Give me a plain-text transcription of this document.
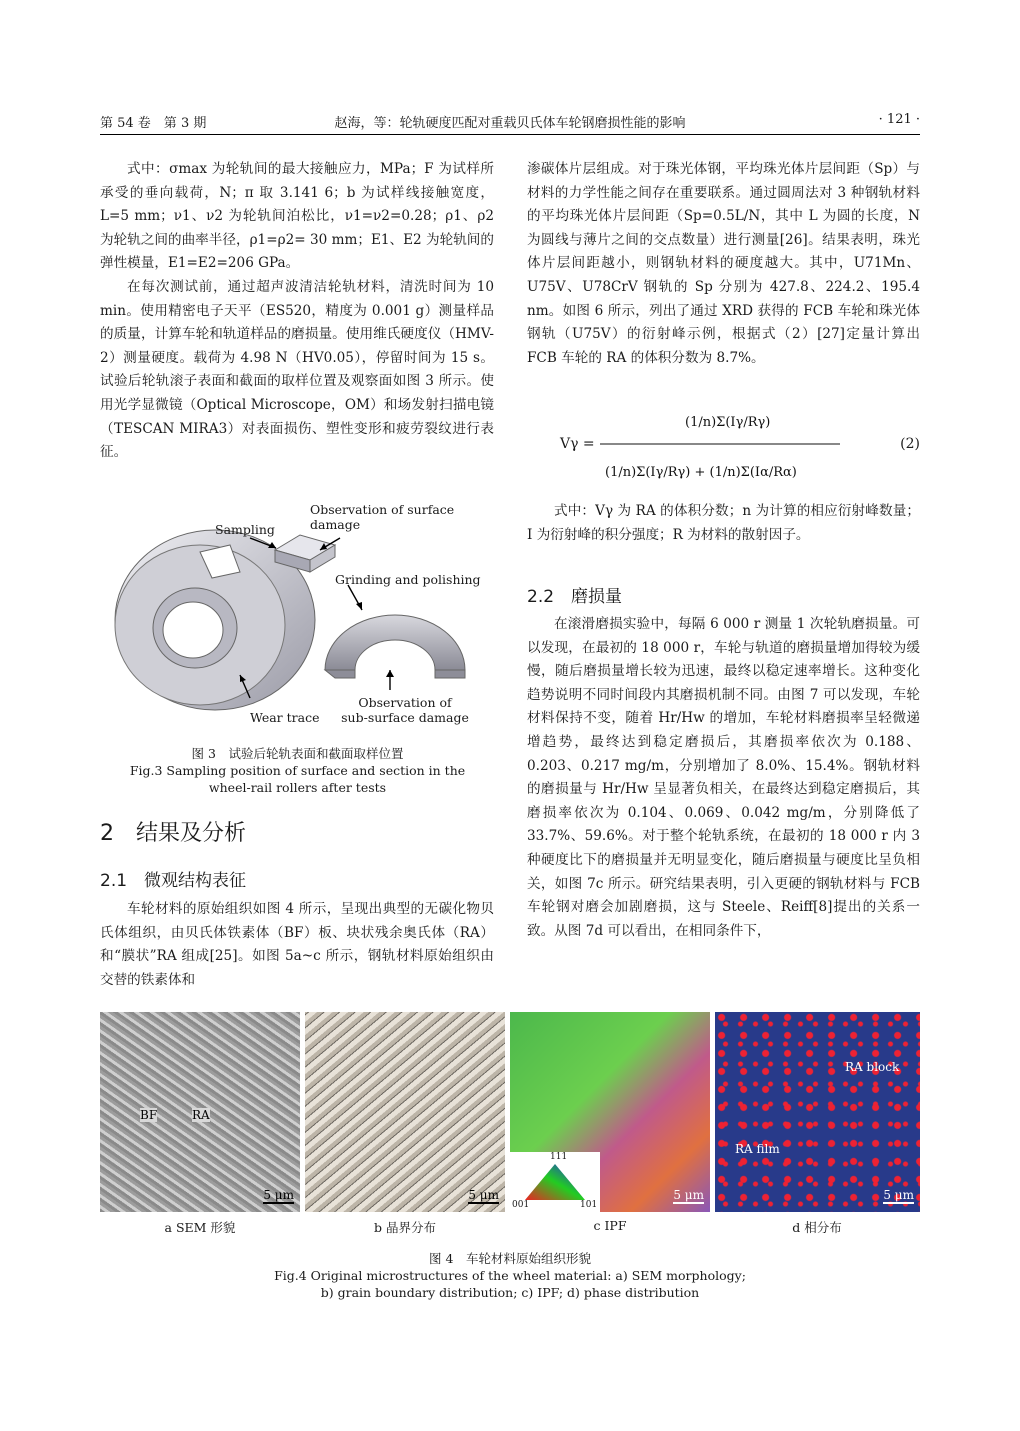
第 54 卷　第 3 期	赵海，等：轮轨硬度匹配对重载贝氏体车轮钢磨损性能的影响	· 121 ·

式中：σmax 为轮轨间的最大接触应力，MPa；F 为试样所承受的垂向载荷，N；π 取 3.141 6；b 为试样线接触宽度，L=5 mm；ν1、ν2 为轮轨间泊松比，ν1=ν2=0.28；ρ1、ρ2 为轮轨之间的曲率半径，ρ1=ρ2= 30 mm；E1、E2 为轮轨间的弹性模量，E1=E2=206 GPa。

在每次测试前，通过超声波清洁轮轨材料，清洗时间为 10 min。使用精密电子天平（ES520，精度为 0.001 g）测量样品的质量，计算车轮和轨道样品的磨损量。使用维氏硬度仪（HMV-2）测量硬度。载荷为 4.98 N（HV0.05），停留时间为 15 s。试验后轮轨滚子表面和截面的取样位置及观察面如图 3 所示。使用光学显微镜（Optical Microscope，OM）和场发射扫描电镜（TESCAN MIRA3）对表面损伤、塑性变形和疲劳裂纹进行表征。

Sampling
Observation of surface damage
Grinding and polishing
Wear trace
Observation of
sub-surface damage
图 3　试验后轮轨表面和截面取样位置
Fig.3 Sampling position of surface and section in the
wheel-rail rollers after tests
2　结果及分析
2.1　微观结构表征

车轮材料的原始组织如图 4 所示，呈现出典型的无碳化物贝氏体组织，由贝氏体铁素体（BF）板、块状残余奥氏体（RA）和“膜状”RA 组成[25]。如图 5a~c 所示，钢轨材料原始组织由交替的铁素体和

渗碳体片层组成。对于珠光体钢，平均珠光体片层间距（Sp）与材料的力学性能之间存在重要联系。通过圆周法对 3 种钢轨材料的平均珠光体片层间距（Sp=0.5L/N，其中 L 为圆的长度，N 为圆线与薄片之间的交点数量）进行测量[26]。结果表明，珠光体片层间距越小，则钢轨材料的硬度越大。其中，U71Mn、U75V、U78CrV 钢轨的 Sp 分别为 427.8、224.2、195.4 nm。如图 6 所示，列出了通过 XRD 获得的 FCB 车轮和珠光体钢轨（U75V）的衍射峰示例，根据式（2）[27]定量计算出 FCB 车轮的 RA 的体积分数为 8.7%。

Vγ =
(1/n)Σ(Iγ/Rγ)
(1/n)Σ(Iγ/Rγ) + (1/n)Σ(Iα/Rα)
(2)

式中：Vγ 为 RA 的体积分数；n 为计算的相应衍射峰数量；I 为衍射峰的积分强度；R 为材料的散射因子。

2.2　磨损量

在滚滑磨损实验中，每隔 6 000 r 测量 1 次轮轨磨损量。可以发现，在最初的 18 000 r，车轮与轨道的磨损量增加得较为缓慢，随后磨损量增长较为迅速，最终以稳定速率增长。这种变化趋势说明不同时间段内其磨损机制不同。由图 7 可以发现，车轮材料保持不变，随着 Hr/Hw 的增加，车轮材料磨损率呈轻微递增趋势，最终达到稳定磨损后，其磨损率依次为 0.188、0.203、0.217 mg/m，分别增加了 8.0%、15.4%。钢轨材料的磨损量与 Hr/Hw 呈显著负相关，在最终达到稳定磨损后，其磨损率依次为 0.104、0.069、0.042 mg/m，分别降低了 33.7%、59.6%。对于整个轮轨系统，在最初的 18 000 r 内 3 种硬度比下的磨损量并无明显变化，随后磨损量与硬度比呈负相关，如图 7c 所示。研究结果表明，引入更硬的钢轨材料与 FCB 车轮钢对磨会加剧磨损，这与 Steele、Reiff[8]提出的关系一致。从图 7d 可以看出，在相同条件下，

BF	RA
5 μm	5 μm
111
001	101
5 μm
RA block
RA film
5 μm
a SEM 形貌	b 晶界分布	c IPF	d 相分布
图 4　车轮材料原始组织形貌
Fig.4 Original microstructures of the wheel material: a) SEM morphology;
b) grain boundary distribution; c) IPF; d) phase distribution
